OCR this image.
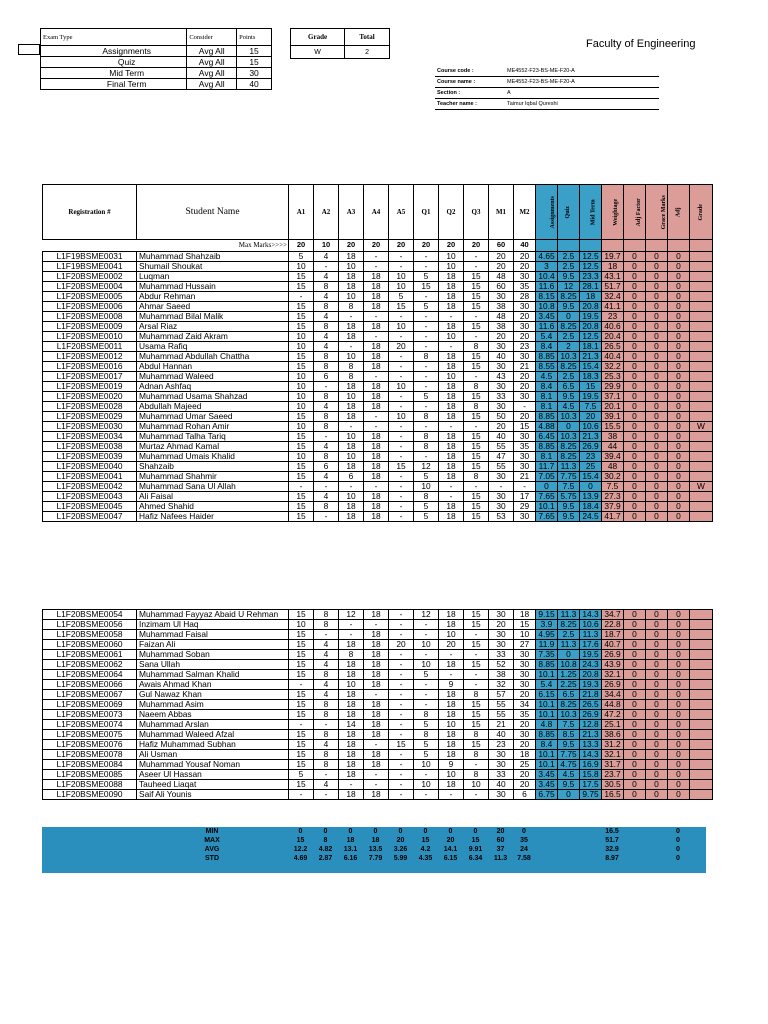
Exam Type	Consider	Points
Assignments	Avg All	15
Quiz	Avg All	15
Mid Term	Avg All	30
Final Term	Avg All	40
Grade	Total
W	2
Faculty of Engineering
Course code :	ME4552-F23-BS-ME-F20-A
Course name :	ME4552-F23-BS-ME-F20-A
Section :	A
Teacher name :	Taimur Iqbal Qureshi
Registration #	Student Name	A1	A2	A3	A4	A5	Q1	Q2	Q3	M1	M2	Assignments	Quiz	Mid Term	Weightage	Adj Factor	Grace Marks	Adj	Grade
Max Marks>>>>		20	10	20	20	20	20	20	20	60	40								
L1F19BSME0031	Muhammad Shahzaib	5	4	18	-	-	-	10	-	20	20	4.65	2.5	12.5	19.7	0	0	0	
L1F19BSME0041	Shumail Shoukat	10	-	10	-	-	-	10	-	20	20	3	2.5	12.5	18	0	0	0	
L1F20BSME0002	Luqman	15	4	18	18	10	5	18	15	48	30	10.4	9.5	23.3	43.1	0	0	0	
L1F20BSME0004	Muhammad Hussain	15	8	18	18	10	15	18	15	60	35	11.6	12	28.1	51.7	0	0	0	
L1F20BSME0005	Abdur Rehman	-	4	10	18	5	-	18	15	30	28	8.15	8.25	18	32.4	0	0	0	
L1F20BSME0006	Ahmar Saeed	15	8	8	18	15	5	18	15	38	30	10.8	9.5	20.8	41.1	0	0	0	
L1F20BSME0008	Muhammad Bilal Malik	15	4	-	-	-	-	-	-	48	20	3.45	0	19.5	23	0	0	0	
L1F20BSME0009	Arsal Riaz	15	8	18	18	10	-	18	15	38	30	11.6	8.25	20.8	40.6	0	0	0	
L1F20BSME0010	Muhammad Zaid Akram	10	4	18	-	-	-	10	-	20	20	5.4	2.5	12.5	20.4	0	0	0	
L1F20BSME0011	Usama Rafiq	10	4	-	18	20	-	-	8	30	23	8.4	2	18.1	26.5	0	0	0	
L1F20BSME0012	Muhammad Abdullah Chattha	15	8	10	18	-	8	18	15	40	30	8.85	10.3	21.3	40.4	0	0	0	
L1F20BSME0016	Abdul Hannan	15	8	8	18	-	-	18	15	30	21	8.55	8.25	15.4	32.2	0	0	0	
L1F20BSME0017	Muhammad Waleed	10	6	8	-	-	-	10	-	43	20	4.5	2.5	18.3	25.3	0	0	0	
L1F20BSME0019	Adnan Ashfaq	10	-	18	18	10	-	18	8	30	20	8.4	6.5	15	29.9	0	0	0	
L1F20BSME0020	Muhammad Usama Shahzad	10	8	10	18	-	5	18	15	33	30	8.1	9.5	19.5	37.1	0	0	0	
L1F20BSME0028	Abdullah Majeed	10	4	18	18	-	-	18	8	30	-	8.1	4.5	7.5	20.1	0	0	0	
L1F20BSME0029	Muhammad Umar Saeed	15	8	18	-	10	8	18	15	50	20	8.85	10.3	20	39.1	0	0	0	
L1F20BSME0030	Muhammad Rohan Amir	10	8	-	-	-	-	-	-	20	15	4.88	0	10.6	15.5	0	0	0	W
L1F20BSME0034	Muhammad Talha Tariq	15	-	10	18	-	8	18	15	40	30	6.45	10.3	21.3	38	0	0	0	
L1F20BSME0038	Murtaz Ahmad Kamal	15	4	18	18	-	8	18	15	55	35	8.85	8.25	26.9	44	0	0	0	
L1F20BSME0039	Muhammad Umais Khalid	10	8	10	18	-	-	18	15	47	30	8.1	8.25	23	39.4	0	0	0	
L1F20BSME0040	Shahzaib	15	6	18	18	15	12	18	15	55	30	11.7	11.3	25	48	0	0	0	
L1F20BSME0041	Muhammad Shahmir	15	4	6	18	-	5	18	8	30	21	7.05	7.75	15.4	30.2	0	0	0	
L1F20BSME0042	Muhammad Sana Ul Allah	-	-	-	-	-	10	-	-	-	-	0	7.5	0	7.5	0	0	0	W
L1F20BSME0043	Ali Faisal	15	4	10	18	-	8	-	15	30	17	7.65	5.75	13.9	27.3	0	0	0	
L1F20BSME0045	Ahmed Shahid	15	8	18	18	-	5	18	15	30	29	10.1	9.5	18.4	37.9	0	0	0	
L1F20BSME0047	Hafiz Nafees Haider	15	-	18	18	-	5	18	15	53	30	7.65	9.5	24.5	41.7	0	0	0	
L1F20BSME0054	Muhammad Fayyaz Abaid U Rehman	15	8	12	18	-	12	18	15	30	18	9.15	11.3	14.3	34.7	0	0	0	
L1F20BSME0056	Inzimam Ul Haq	10	8	-	-	-	-	18	15	20	15	3.9	8.25	10.6	22.8	0	0	0	
L1F20BSME0058	Muhammad Faisal	15	-	-	18	-	-	10	-	30	10	4.95	2.5	11.3	18.7	0	0	0	
L1F20BSME0060	Faizan Ali	15	4	18	18	20	10	20	15	30	27	11.9	11.3	17.6	40.7	0	0	0	
L1F20BSME0061	Muhammad Soban	15	4	8	18	-	-	-	-	33	30	7.35	0	19.5	26.9	0	0	0	
L1F20BSME0062	Sana Ullah	15	4	18	18	-	10	18	15	52	30	8.85	10.8	24.3	43.9	0	0	0	
L1F20BSME0064	Muhammad Salman Khalid	15	8	18	18	-	5	-	-	38	30	10.1	1.25	20.8	32.1	0	0	0	
L1F20BSME0066	Awais Ahmad Khan	-	4	10	18	-	-	9	-	32	30	5.4	2.25	19.3	26.9	0	0	0	
L1F20BSME0067	Gul Nawaz Khan	15	4	18	-	-	-	18	8	57	20	6.15	6.5	21.8	34.4	0	0	0	
L1F20BSME0069	Muhammad Asim	15	8	18	18	-	-	18	15	55	34	10.1	8.25	26.5	44.8	0	0	0	
L1F20BSME0073	Naeem Abbas	15	8	18	18	-	8	18	15	55	35	10.1	10.3	26.9	47.2	0	0	0	
L1F20BSME0074	Muhammad Arslan	-	-	14	18	-	5	10	15	21	20	4.8	7.5	12.8	25.1	0	0	0	
L1F20BSME0075	Muhammad Waleed Afzal	15	8	18	18	-	8	18	8	40	30	8.85	8.5	21.3	38.6	0	0	0	
L1F20BSME0076	Hafiz Muhammad Subhan	15	4	18	-	15	5	18	15	23	20	8.4	9.5	13.3	31.2	0	0	0	
L1F20BSME0078	Ali Usman	15	8	18	18	-	5	18	8	30	18	10.1	7.75	14.3	32.1	0	0	0	
L1F20BSME0084	Muhammad Yousaf Noman	15	8	18	18	-	10	9	-	30	25	10.1	4.75	16.9	31.7	0	0	0	
L1F20BSME0085	Aseer Ul Hassan	5	-	18	-	-	-	10	8	33	20	3.45	4.5	15.8	23.7	0	0	0	
L1F20BSME0088	Tauheed Liaqat	15	4	-	-	-	10	18	10	40	20	3.45	9.5	17.5	30.5	0	0	0	
L1F20BSME0090	Saif Ali Younis	-	-	18	18	-	-	-	-	30	6	6.75	0	9.75	16.5	0	0	0	
	MIN	0	0	0	0	0	0	0	0	20	0				16.5			0	
	MAX	15	8	18	18	20	15	20	15	60	35				51.7			0	
	AVG	12.2	4.82	13.1	13.5	3.26	4.2	14.1	9.91	37	24				32.9			0	
	STD	4.69	2.87	6.16	7.79	5.99	4.35	6.15	6.34	11.3	7.58				8.97			0	
